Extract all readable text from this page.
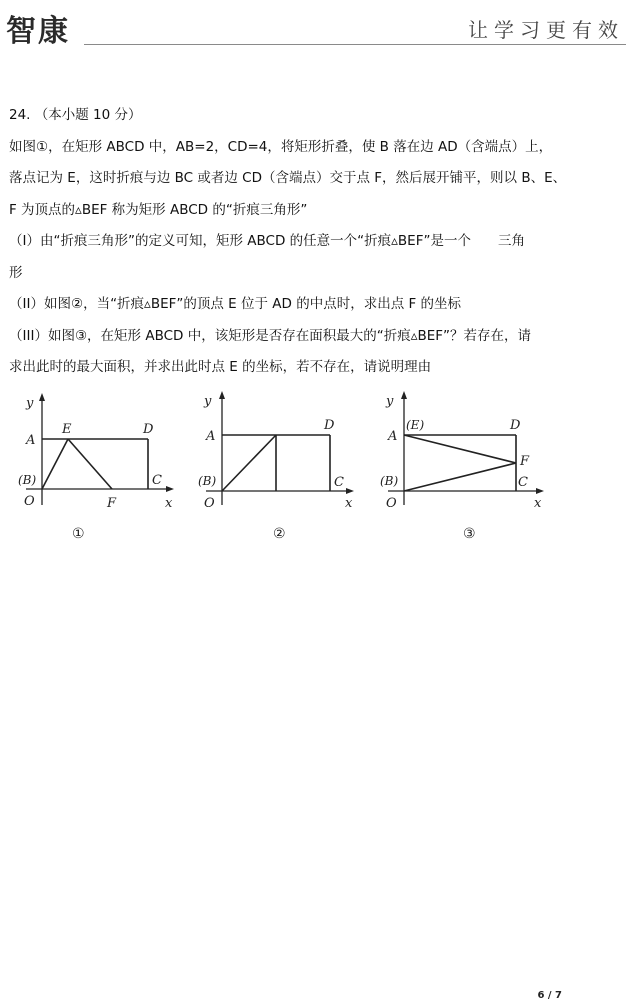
智康	让学习更有效
24. （本小题 10 分）
如图①，在矩形 ABCD 中，AB=2，CD=4，将矩形折叠，使 B 落在边 AD（含端点）上，
落点记为 E，这时折痕与边 BC 或者边 CD（含端点）交于点 F，然后展开铺平，则以 B、E、
F 为顶点的▵BEF 称为矩形 ABCD 的“折痕三角形”
（I）由“折痕三角形”的定义可知，矩形 ABCD 的任意一个“折痕▵BEF”是一个　　三角
形
（II）如图②，当“折痕▵BEF”的顶点 E 位于 AD 的中点时，求出点 F 的坐标
（III）如图③，在矩形 ABCD 中，该矩形是否存在面积最大的“折痕▵BEF”？若存在，请
求出此时的最大面积，并求出此时点 E 的坐标，若不存在，请说明理由
y
A
E	D
(B)	C
O	F	x
y
A
D
(B)	C
O	x
y
A
(E)	D
F
(B)	C
O	x
①	②	③
6 / 7
